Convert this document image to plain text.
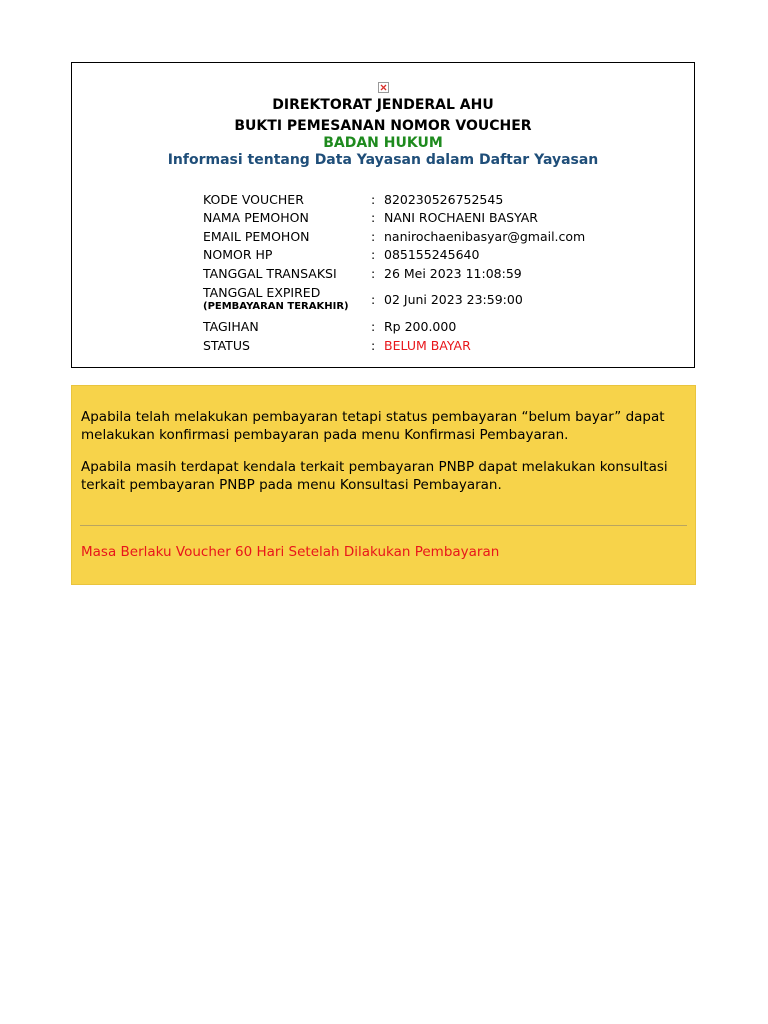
DIREKTORAT JENDERAL AHU
BUKTI PEMESANAN NOMOR VOUCHER
BADAN HUKUM
Informasi tentang Data Yayasan dalam Daftar Yayasan
KODE VOUCHER	: 820230526752545
NAMA PEMOHON	: NANI ROCHAENI BASYAR
EMAIL PEMOHON	: nanirochaenibasyar@gmail.com
NOMOR HP	: 085155245640
TANGGAL TRANSAKSI	: 26 Mei 2023 11:08:59
TANGGAL EXPIRED
(PEMBAYARAN TERAKHIR)	: 02 Juni 2023 23:59:00
TAGIHAN	: Rp 200.000
STATUS	: BELUM BAYAR
Apabila telah melakukan pembayaran tetapi status pembayaran “belum bayar” dapat melakukan konfirmasi pembayaran pada menu Konfirmasi Pembayaran.
Apabila masih terdapat kendala terkait pembayaran PNBP dapat melakukan konsultasi terkait pembayaran PNBP pada menu Konsultasi Pembayaran.
Masa Berlaku Voucher 60 Hari Setelah Dilakukan Pembayaran
